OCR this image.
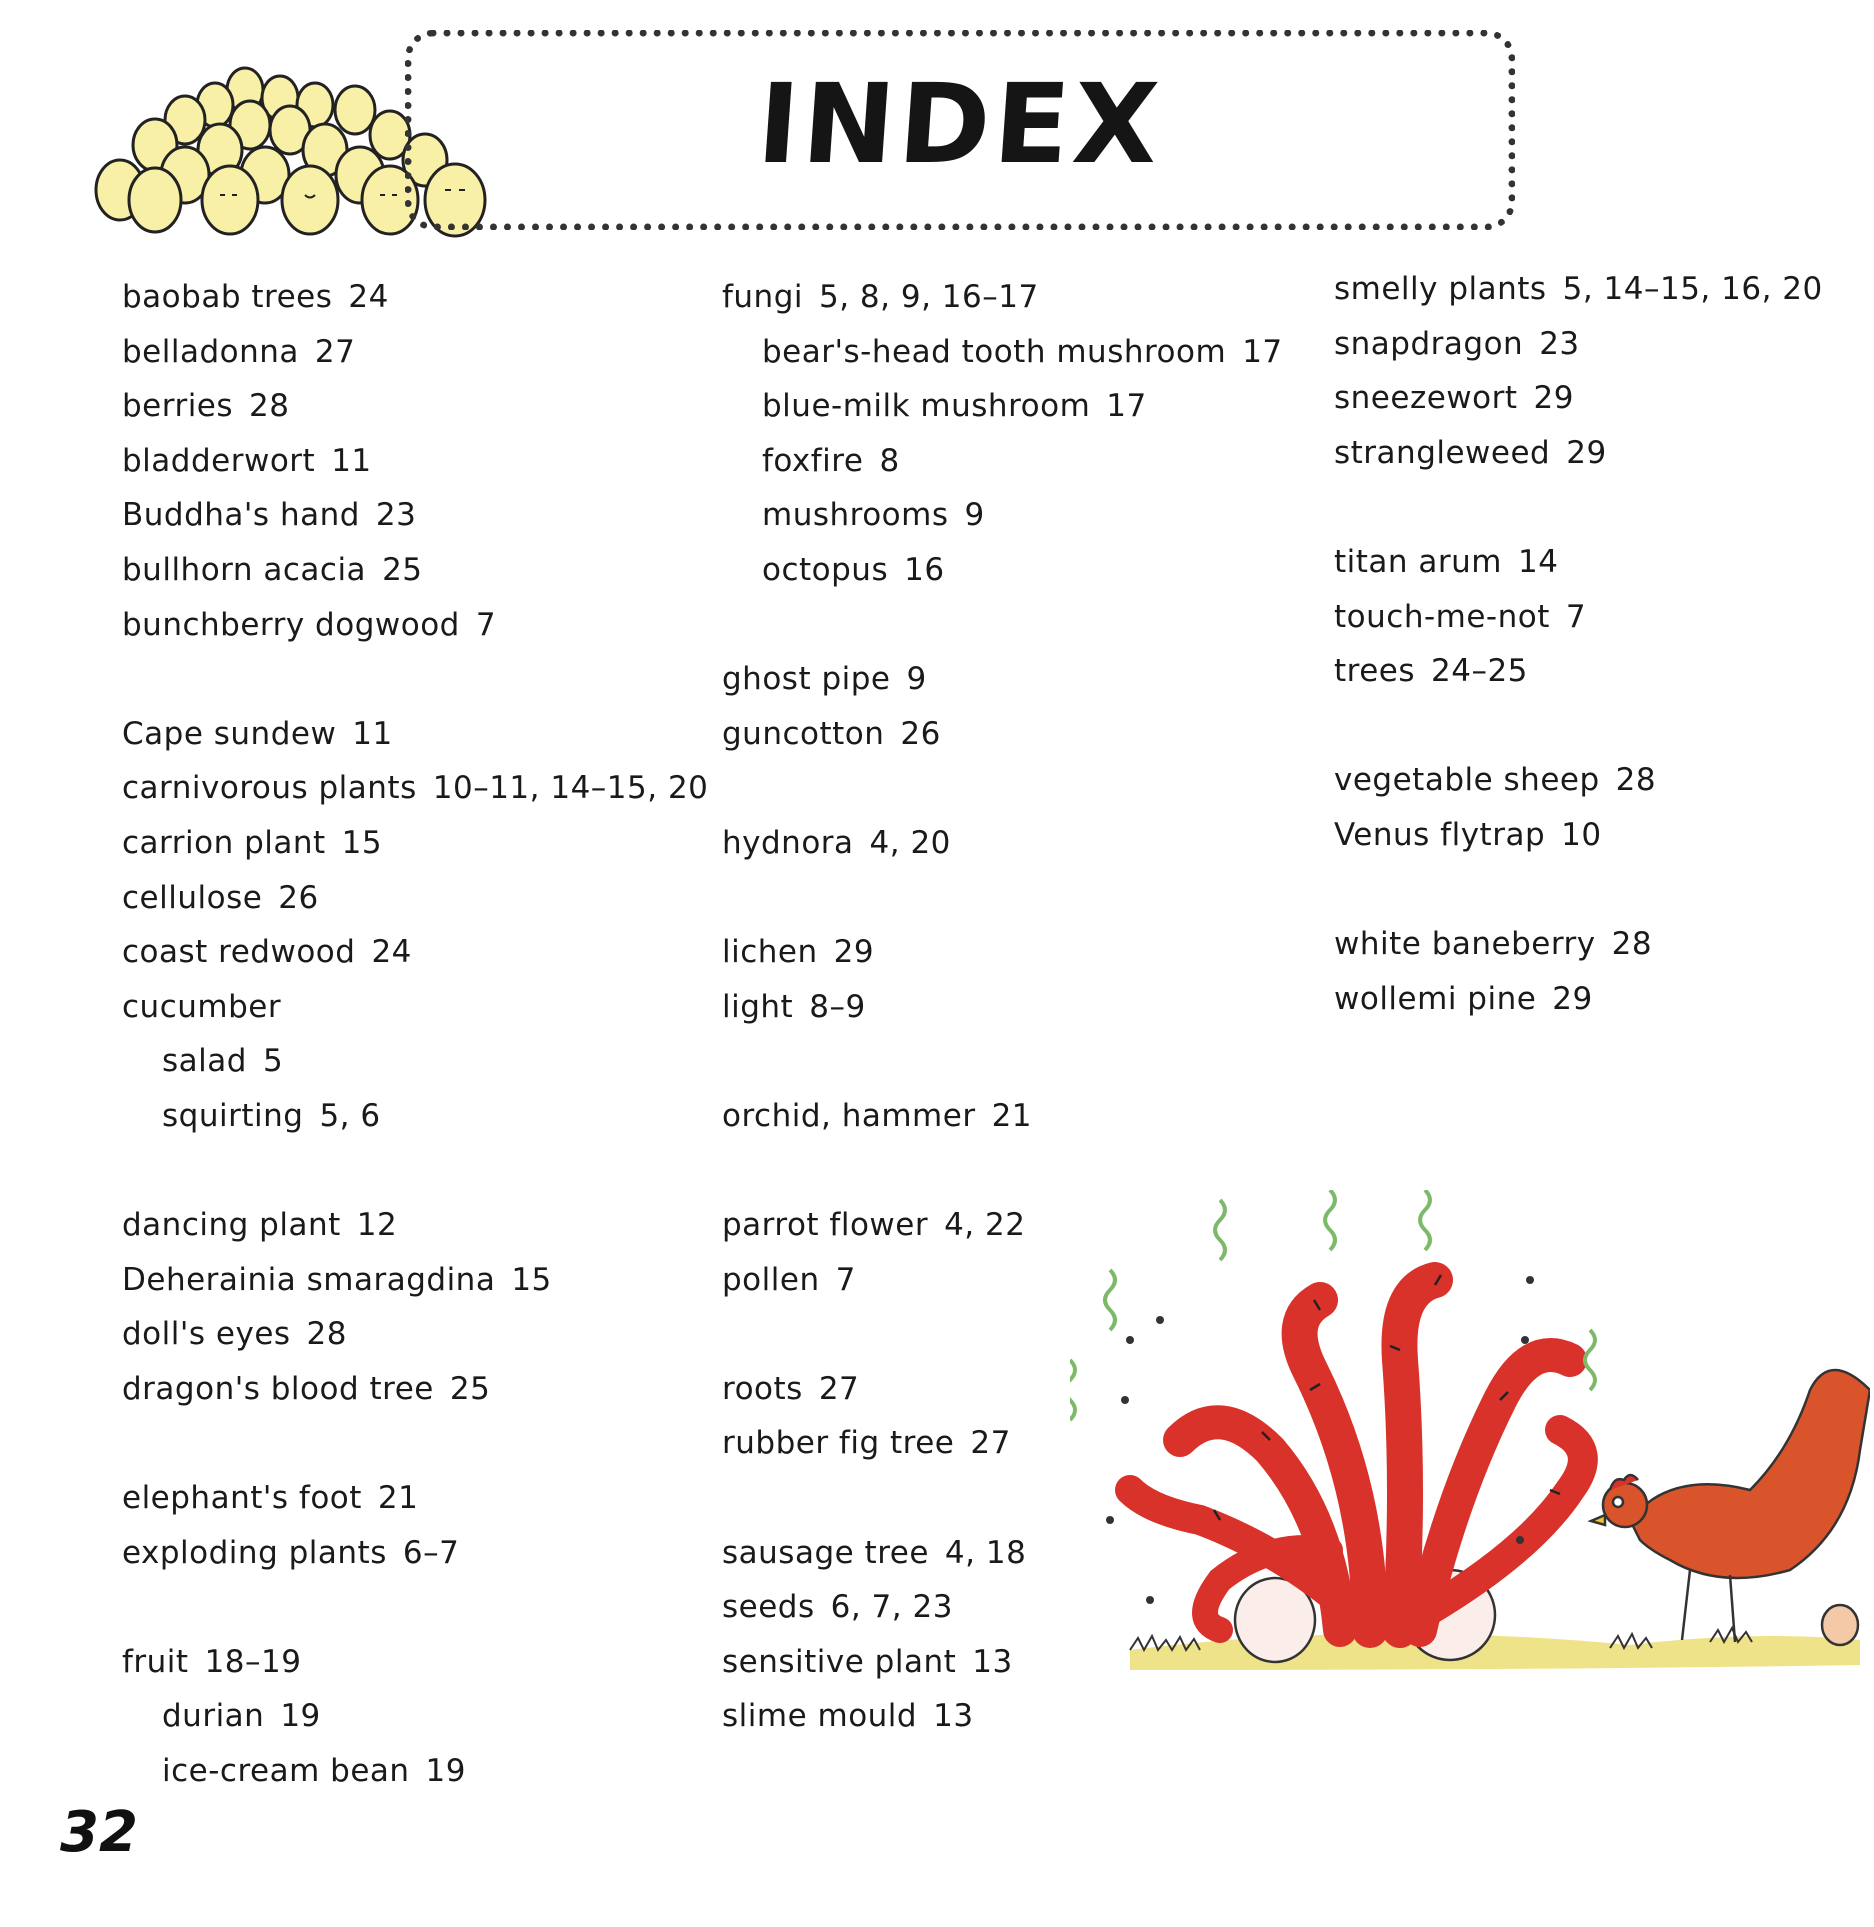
INDEX
baobab trees 24
belladonna 27
berries 28
bladderwort 11
Buddha's hand 23
bullhorn acacia 25
bunchberry dogwood 7
Cape sundew 11
carnivorous plants 10–11, 14–15, 20
carrion plant 15
cellulose 26
coast redwood 24
cucumber
salad 5
squirting 5, 6
dancing plant 12
Deherainia smaragdina 15
doll's eyes 28
dragon's blood tree 25
elephant's foot 21
exploding plants 6–7
fruit 18–19
durian 19
ice-cream bean 19
fungi 5, 8, 9, 16–17
bear's-head tooth mushroom 17
blue-milk mushroom 17
foxfire 8
mushrooms 9
octopus 16
ghost pipe 9
guncotton 26
hydnora 4, 20
lichen 29
light 8–9
orchid, hammer 21
parrot flower 4, 22
pollen 7
roots 27
rubber fig tree 27
sausage tree 4, 18
seeds 6, 7, 23
sensitive plant 13
slime mould 13
smelly plants 5, 14–15, 16, 20
snapdragon 23
sneezewort 29
strangleweed 29
titan arum 14
touch-me-not 7
trees 24–25
vegetable sheep 28
Venus flytrap 10
white baneberry 28
wollemi pine 29
32
